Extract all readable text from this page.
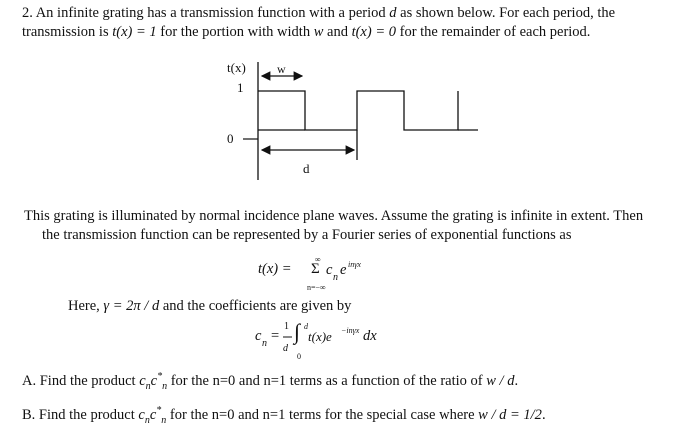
2. An infinite grating has a transmission function with a period d as shown below. For each period, the
transmission is t(x) = 1 for the portion with width w and t(x) = 0 for the remainder of each period.
t(x)
1
0
w
d
This grating is illuminated by normal incidence plane waves. Assume the grating is infinite in extent. Then
the transmission function can be represented by a Fourier series of exponential functions as
t(x) =
∞
Σ
n=−∞
c n e inγx
Here, γ = 2π / d and the coefficients are given by
c n =
1
d
∫ d
0
t(x)e −inγx dx
A. Find the product $c_nc^*_n$ for the n=0 and n=1 terms as a function of the ratio of w / d.
B. Find the product $c_nc^*_n$ for the n=0 and n=1 terms for the special case where w / d = 1/2.
